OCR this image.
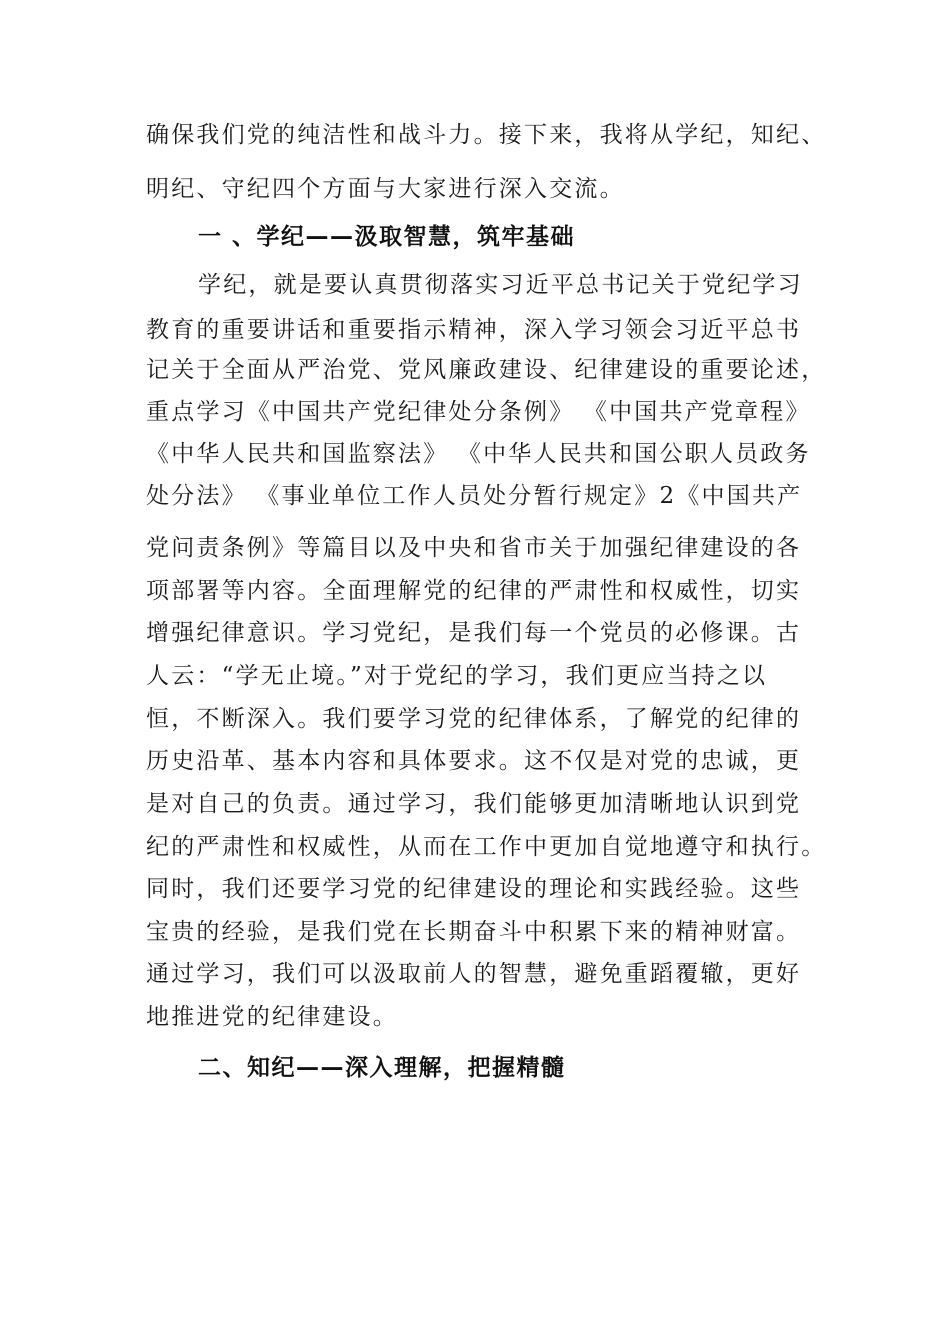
确保我们党的纯洁性和战斗力。接下来，我将从学纪，知纪、
明纪、守纪四个方面与大家进行深入交流。
一 、学纪——汲取智慧，筑牢基础
学纪，就是要认真贯彻落实习近平总书记关于党纪学习
教育的重要讲话和重要指示精神，深入学习领会习近平总书
记关于全面从严治党、党风廉政建设、纪律建设的重要论述，
重点学习《中国共产党纪律处分条例》 《中国共产党章程》
《中华人民共和国监察法》 《中华人民共和国公职人员政务
处分法》 《事业单位工作人员处分暂行规定》2《中国共产
党问责条例》等篇目以及中央和省市关于加强纪律建设的各
项部署等内容。全面理解党的纪律的严肃性和权威性，切实
增强纪律意识。学习党纪，是我们每一个党员的必修课。古
人云：“学无止境。”对于党纪的学习，我们更应当持之以
恒，不断深入。我们要学习党的纪律体系，了解党的纪律的
历史沿革、基本内容和具体要求。这不仅是对党的忠诚，更
是对自己的负责。通过学习，我们能够更加清晰地认识到党
纪的严肃性和权威性，从而在工作中更加自觉地遵守和执行。
同时，我们还要学习党的纪律建设的理论和实践经验。这些
宝贵的经验，是我们党在长期奋斗中积累下来的精神财富。
通过学习，我们可以汲取前人的智慧，避免重蹈覆辙，更好
地推进党的纪律建设。
二、知纪——深入理解，把握精髓
